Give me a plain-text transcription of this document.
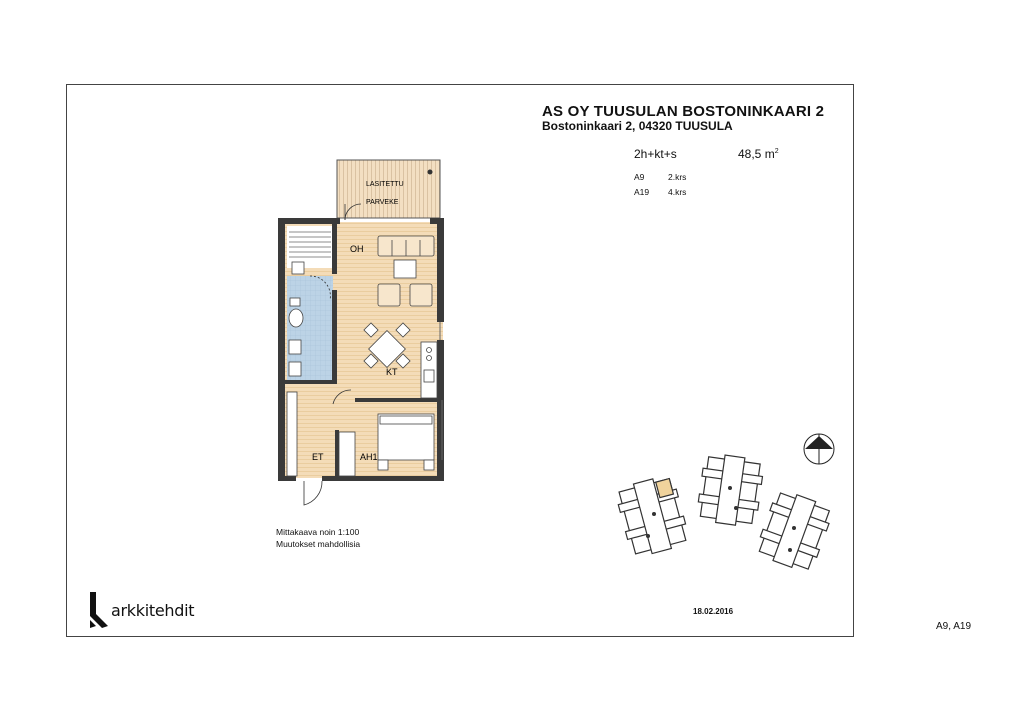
AS OY TUUSULAN BOSTONINKAARI 2
Bostoninkaari 2, 04320 TUUSULA
2h+kt+s	48,5 $m^2$
A9	2.krs
A19 4.krs
LASITETTU
PARVEKE
OH
KT
AH1
ET
Mittakaava noin 1:100
Muutokset mahdollisia
arkkitehdit	18.02.2016
A9, A19
